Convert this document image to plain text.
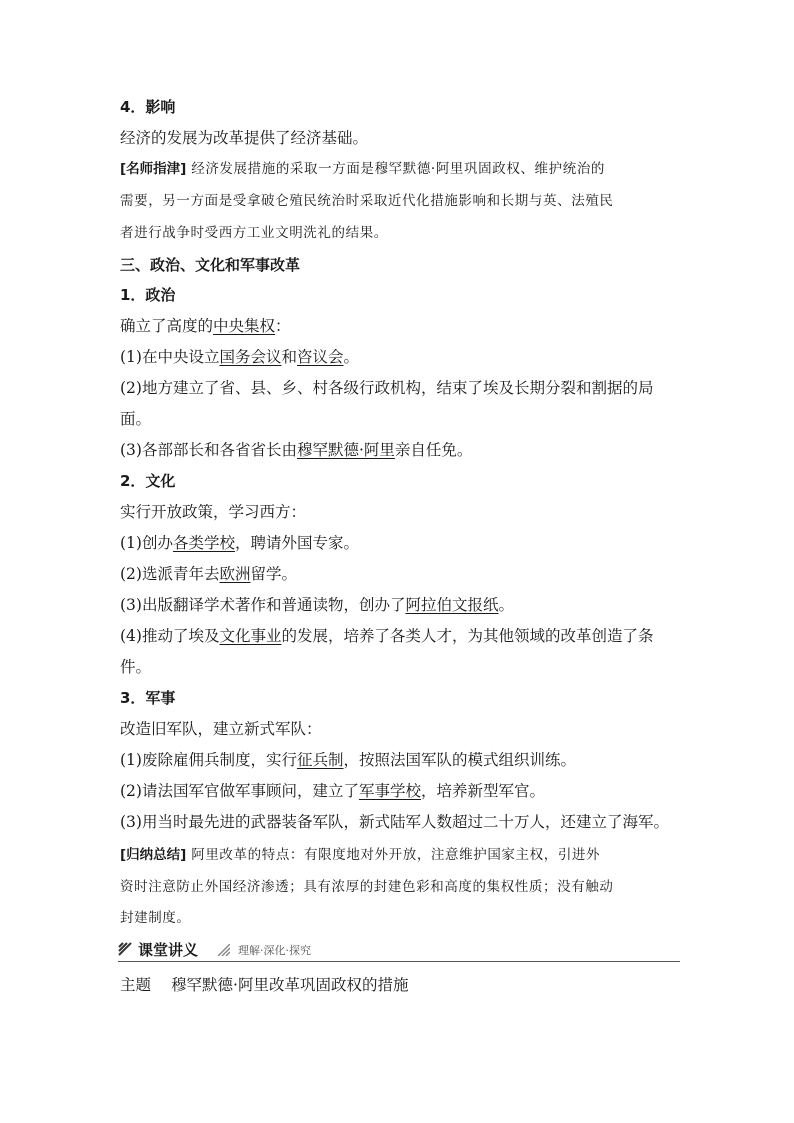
4．影响
经济的发展为改革提供了经济基础。
[名师指津] 经济发展措施的采取一方面是穆罕默德·阿里巩固政权、维护统治的
需要，另一方面是受拿破仑殖民统治时采取近代化措施影响和长期与英、法殖民
者进行战争时受西方工业文明洗礼的结果。
三、政治、文化和军事改革
1．政治
确立了高度的中央集权：
(1)在中央设立国务会议和咨议会。
(2)地方建立了省、县、乡、村各级行政机构，结束了埃及长期分裂和割据的局
面。
(3)各部部长和各省省长由穆罕默德·阿里亲自任免。
2．文化
实行开放政策，学习西方：
(1)创办各类学校，聘请外国专家。
(2)选派青年去欧洲留学。
(3)出版翻译学术著作和普通读物，创办了阿拉伯文报纸。
(4)推动了埃及文化事业的发展，培养了各类人才，为其他领域的改革创造了条
件。
3．军事
改造旧军队，建立新式军队：
(1)废除雇佣兵制度，实行征兵制，按照法国军队的模式组织训练。
(2)请法国军官做军事顾问，建立了军事学校，培养新型军官。
(3)用当时最先进的武器装备军队，新式陆军人数超过二十万人，还建立了海军。
[归纳总结] 阿里改革的特点：有限度地对外开放，注意维护国家主权，引进外
资时注意防止外国经济渗透；具有浓厚的封建色彩和高度的集权性质；没有触动
封建制度。
课堂讲义	理解·深化·探究
主题 穆罕默德·阿里改革巩固政权的措施
